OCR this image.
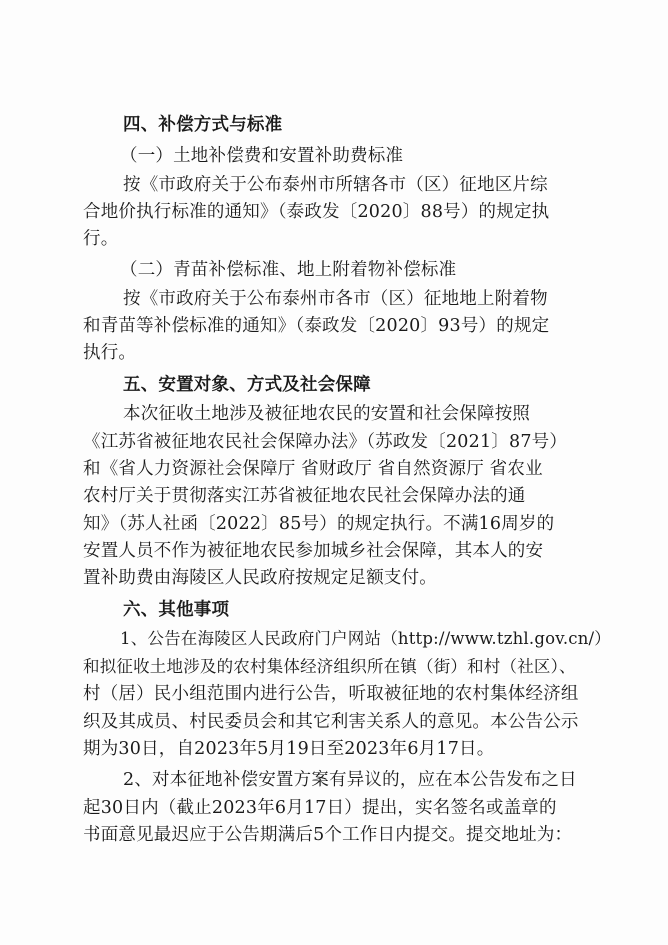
四、补偿方式与标准
（一）土地补偿费和安置补助费标准
按《市政府关于公布泰州市所辖各市（区）征地区片综
合地价执行标准的通知》（泰政发〔2020〕88号）的规定执
行。
（二）青苗补偿标准、地上附着物补偿标准
按《市政府关于公布泰州市各市（区）征地地上附着物
和青苗等补偿标准的通知》（泰政发〔2020〕93号）的规定
执行。
五、安置对象、方式及社会保障
本次征收土地涉及被征地农民的安置和社会保障按照
《江苏省被征地农民社会保障办法》（苏政发〔2021〕87号）
和《省人力资源社会保障厅 省财政厅 省自然资源厅 省农业
农村厅关于贯彻落实江苏省被征地农民社会保障办法的通
知》（苏人社函〔2022〕85号）的规定执行。不满16周岁的
安置人员不作为被征地农民参加城乡社会保障，其本人的安
置补助费由海陵区人民政府按规定足额支付。
六、其他事项
1、公告在海陵区人民政府门户网站（http://www.tzhl.gov.cn/）
和拟征收土地涉及的农村集体经济组织所在镇（街）和村（社区）、
村（居）民小组范围内进行公告，听取被征地的农村集体经济组
织及其成员、村民委员会和其它利害关系人的意见。本公告公示
期为30日，自2023年5月19日至2023年6月17日。
2、对本征地补偿安置方案有异议的，应在本公告发布之日
起30日内（截止2023年6月17日）提出，实名签名或盖章的
书面意见最迟应于公告期满后5个工作日内提交。提交地址为：
